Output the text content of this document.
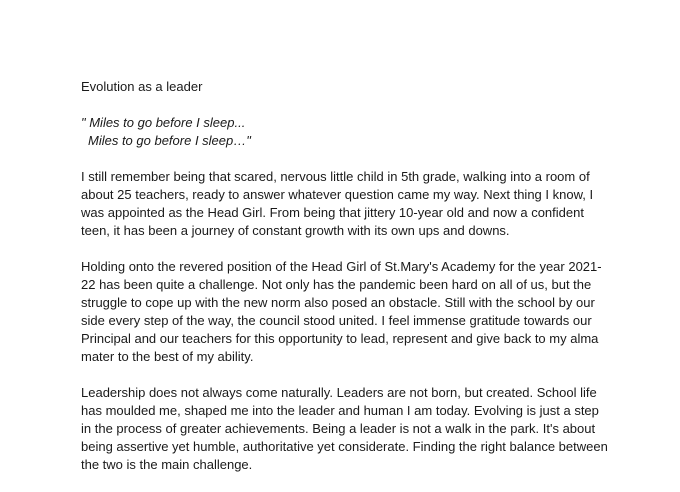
Evolution as a leader

" Miles to go before I sleep...
Miles to go before I sleep…"

I still remember being that scared, nervous little child in 5th grade, walking into a room of about 25 teachers, ready to answer whatever question came my way. Next thing I know, I was appointed as the Head Girl. From being that jittery 10-year old and now a confident teen, it has been a journey of constant growth with its own ups and downs.

Holding onto the revered position of the Head Girl of St.Mary's Academy for the year 2021-22 has been quite a challenge. Not only has the pandemic been hard on all of us, but the struggle to cope up with the new norm also posed an obstacle. Still with the school by our side every step of the way, the council stood united. I feel immense gratitude towards our Principal and our teachers for this opportunity to lead, represent and give back to my alma mater to the best of my ability.

Leadership does not always come naturally. Leaders are not born, but created. School life has moulded me, shaped me into the leader and human I am today. Evolving is just a step in the process of greater achievements. Being a leader is not a walk in the park. It's about being assertive yet humble, authoritative yet considerate. Finding the right balance between the two is the main challenge.
